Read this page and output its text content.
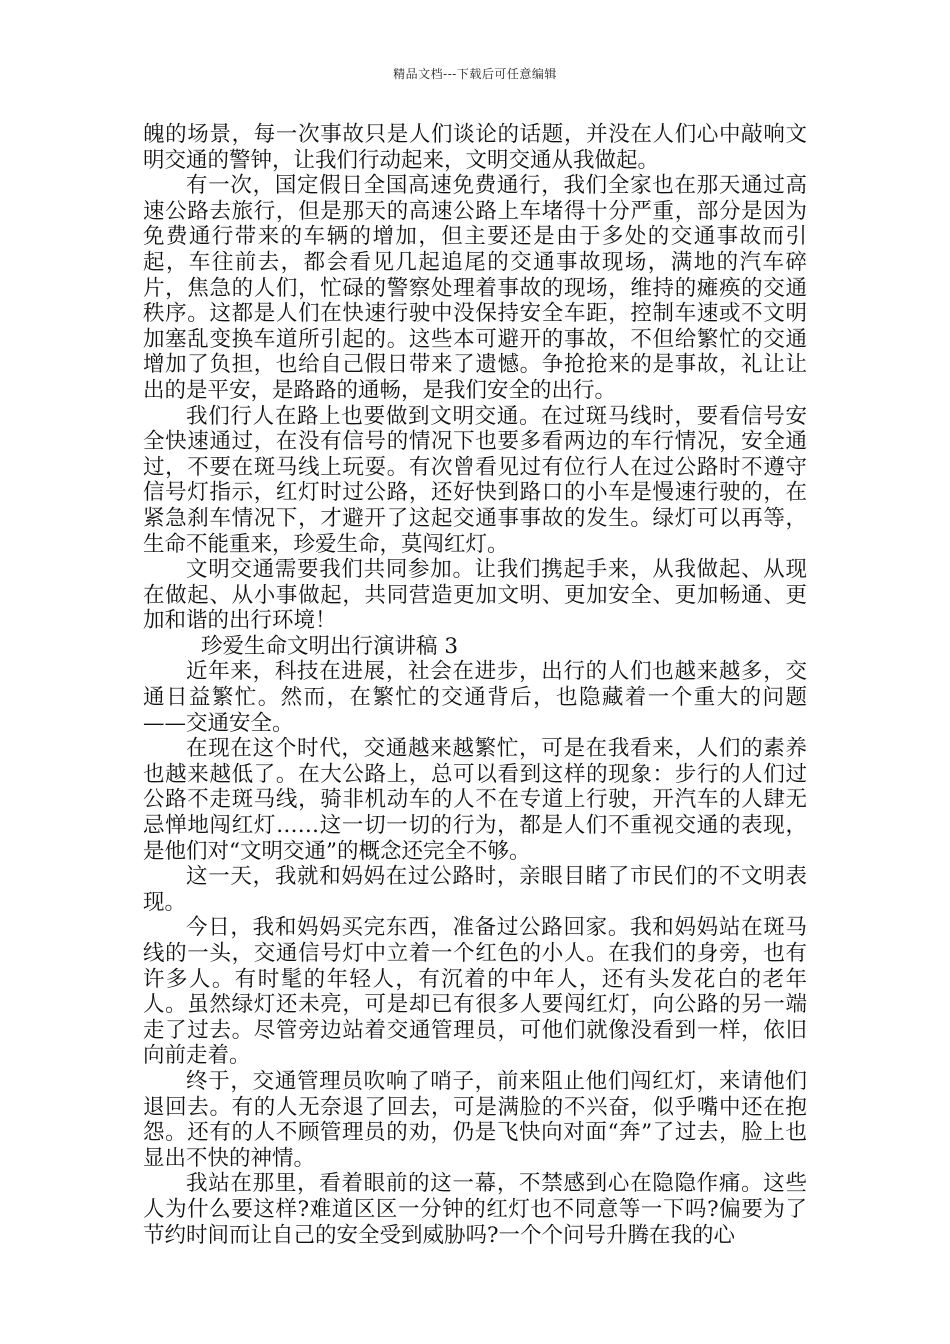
精品文档---下载后可任意编辑

魄的场景，每一次事故只是人们谈论的话题，并没在人们心中敲响文明交通的警钟，让我们行动起来，文明交通从我做起。

有一次，国定假日全国高速免费通行，我们全家也在那天通过高速公路去旅行，但是那天的高速公路上车堵得十分严重，部分是因为免费通行带来的车辆的增加，但主要还是由于多处的交通事故而引起，车往前去，都会看见几起追尾的交通事故现场，满地的汽车碎片，焦急的人们，忙碌的警察处理着事故的现场，维持的瘫痪的交通秩序。这都是人们在快速行驶中没保持安全车距，控制车速或不文明加塞乱变换车道所引起的。这些本可避开的事故，不但给繁忙的交通增加了负担，也给自己假日带来了遗憾。争抢抢来的是事故，礼让让出的是平安，是路路的通畅，是我们安全的出行。

我们行人在路上也要做到文明交通。在过斑马线时，要看信号安全快速通过，在没有信号的情况下也要多看两边的车行情况，安全通过，不要在斑马线上玩耍。有次曾看见过有位行人在过公路时不遵守信号灯指示，红灯时过公路，还好快到路口的小车是慢速行驶的，在紧急刹车情况下，才避开了这起交通事事故的发生。绿灯可以再等，生命不能重来，珍爱生命，莫闯红灯。

文明交通需要我们共同参加。让我们携起手来，从我做起、从现在做起、从小事做起，共同营造更加文明、更加安全、更加畅通、更加和谐的出行环境！

珍爱生命文明出行演讲稿 3

近年来，科技在进展，社会在进步，出行的人们也越来越多，交通日益繁忙。然而，在繁忙的交通背后，也隐藏着一个重大的问题——交通安全。

在现在这个时代，交通越来越繁忙，可是在我看来，人们的素养也越来越低了。在大公路上，总可以看到这样的现象：步行的人们过公路不走斑马线，骑非机动车的人不在专道上行驶，开汽车的人肆无忌惮地闯红灯……这一切一切的行为，都是人们不重视交通的表现，是他们对“文明交通”的概念还完全不够。

这一天，我就和妈妈在过公路时，亲眼目睹了市民们的不文明表现。

今日，我和妈妈买完东西，准备过公路回家。我和妈妈站在斑马线的一头，交通信号灯中立着一个红色的小人。在我们的身旁，也有许多人。有时髦的年轻人，有沉着的中年人，还有头发花白的老年人。虽然绿灯还未亮，可是却已有很多人要闯红灯，向公路的另一端走了过去。尽管旁边站着交通管理员，可他们就像没看到一样，依旧向前走着。

终于，交通管理员吹响了哨子，前来阻止他们闯红灯，来请他们退回去。有的人无奈退了回去，可是满脸的不兴奋，似乎嘴中还在抱怨。还有的人不顾管理员的劝，仍是飞快向对面“奔”了过去，脸上也显出不快的神情。

我站在那里，看着眼前的这一幕，不禁感到心在隐隐作痛。这些人为什么要这样?难道区区一分钟的红灯也不同意等一下吗?偏要为了节约时间而让自己的安全受到威胁吗?一个个问号升腾在我的心
